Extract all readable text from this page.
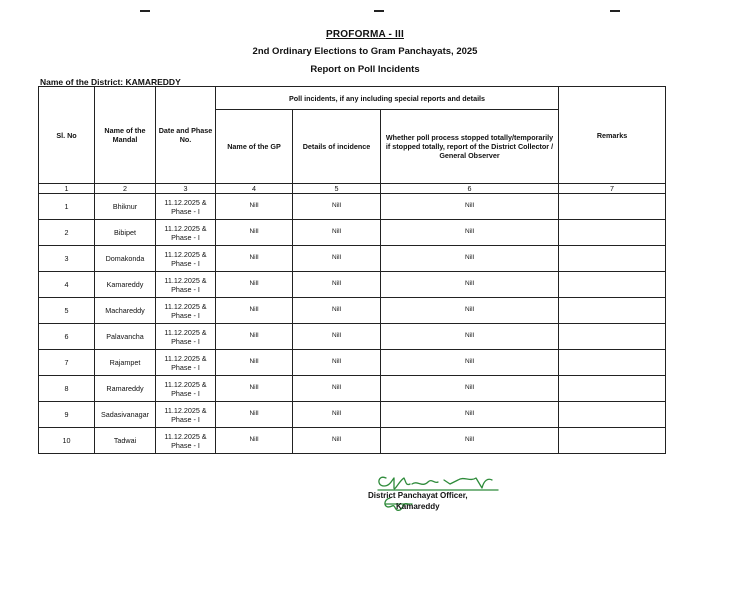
PROFORMA - III
2nd Ordinary Elections to Gram Panchayats, 2025
Report on Poll Incidents
Name of the District: KAMAREDDY
Sl. No	Name of the Mandal	Date and Phase No.	Poll incidents, if any including special reports and details			Remarks
			Name of the GP	Details of incidence	Whether poll process stopped totally/temporarily if stopped totally, report of the District Collector / General Observer	
1	2	3	4	5	6	7
1	Bhiknur	11.12.2025 & Phase - I	Nill	Nill	Nill	
2	Bibipet	11.12.2025 & Phase - I	Nill	Nill	Nill	
3	Domakonda	11.12.2025 & Phase - I	Nill	Nill	Nill	
4	Kamareddy	11.12.2025 & Phase - I	Nill	Nill	Nill	
5	Machareddy	11.12.2025 & Phase - I	Nill	Nill	Nill	
6	Palavancha	11.12.2025 & Phase - I	Nill	Nill	Nill	
7	Rajampet	11.12.2025 & Phase - I	Nill	Nill	Nill	
8	Ramareddy	11.12.2025 & Phase - I	Nill	Nill	Nill	
9	Sadasivanagar	11.12.2025 & Phase - I	Nill	Nill	Nill	
10	Tadwai	11.12.2025 & Phase - I	Nill	Nill	Nill	
District Panchayat Officer,
Kamareddy
